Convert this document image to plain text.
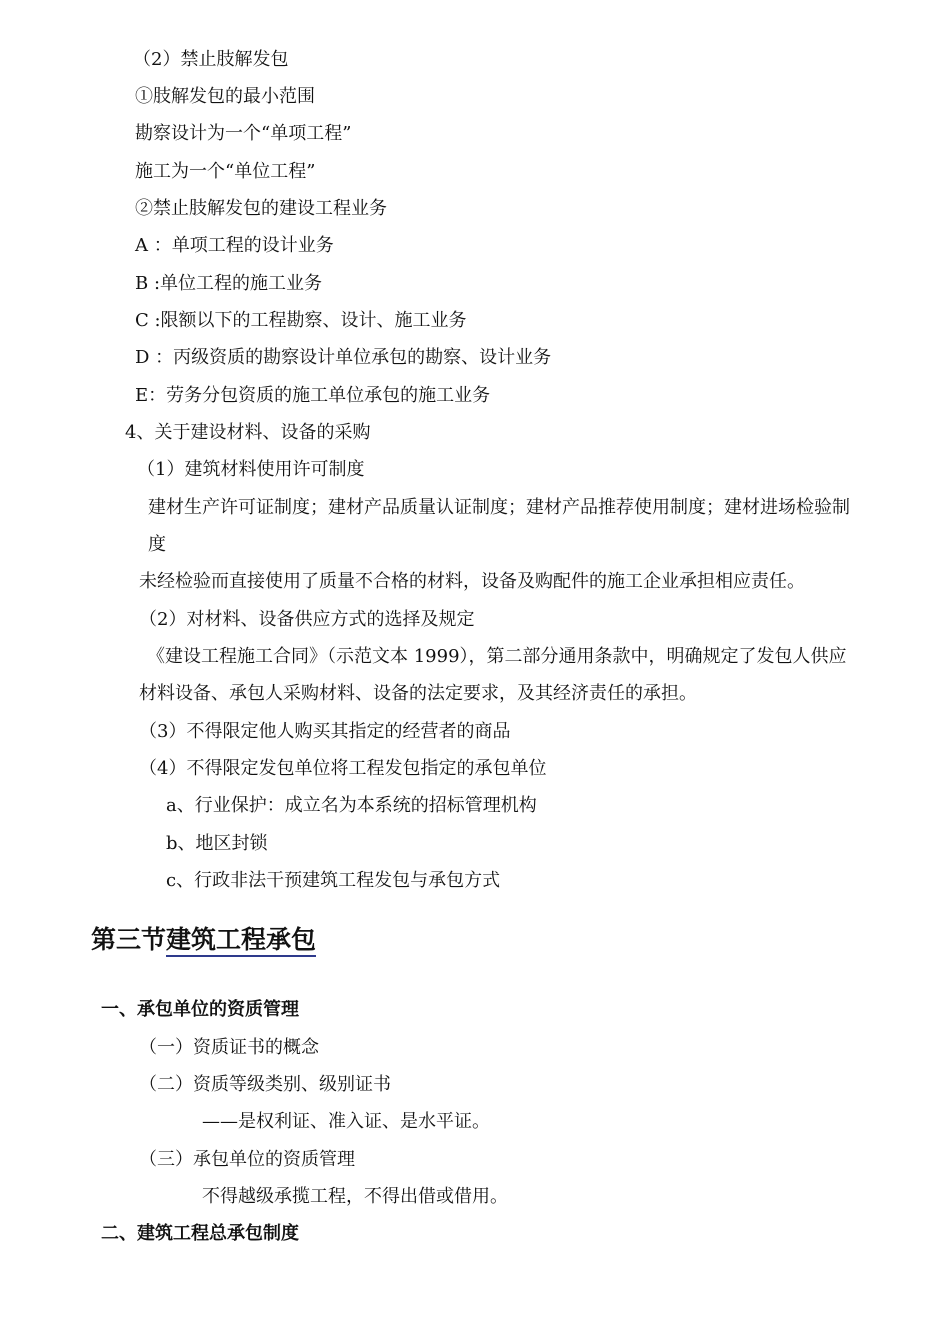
（2）禁止肢解发包
①肢解发包的最小范围
勘察设计为一个“单项工程”
施工为一个“单位工程”
②禁止肢解发包的建设工程业务
A ：单项工程的设计业务
B :单位工程的施工业务
C :限额以下的工程勘察、设计、施工业务
D ：丙级资质的勘察设计单位承包的勘察、设计业务
E：劳务分包资质的施工单位承包的施工业务
4、关于建设材料、设备的采购
（1）建筑材料使用许可制度
建材生产许可证制度；建材产品质量认证制度；建材产品推荐使用制度；建材进场检验制
度
未经检验而直接使用了质量不合格的材料，设备及购配件的施工企业承担相应责任。
（2）对材料、设备供应方式的选择及规定
《建设工程施工合同》（示范文本 1999），第二部分通用条款中，明确规定了发包人供应
材料设备、承包人采购材料、设备的法定要求，及其经济责任的承担。
（3）不得限定他人购买其指定的经营者的商品
（4）不得限定发包单位将工程发包指定的承包单位
a、行业保护：成立名为本系统的招标管理机构
b、地区封锁
c、行政非法干预建筑工程发包与承包方式
第三节建筑工程承包
一、承包单位的资质管理
（一）资质证书的概念
（二）资质等级类别、级别证书
——是权利证、准入证、是水平证。
（三）承包单位的资质管理
不得越级承揽工程，不得出借或借用。
二、建筑工程总承包制度
